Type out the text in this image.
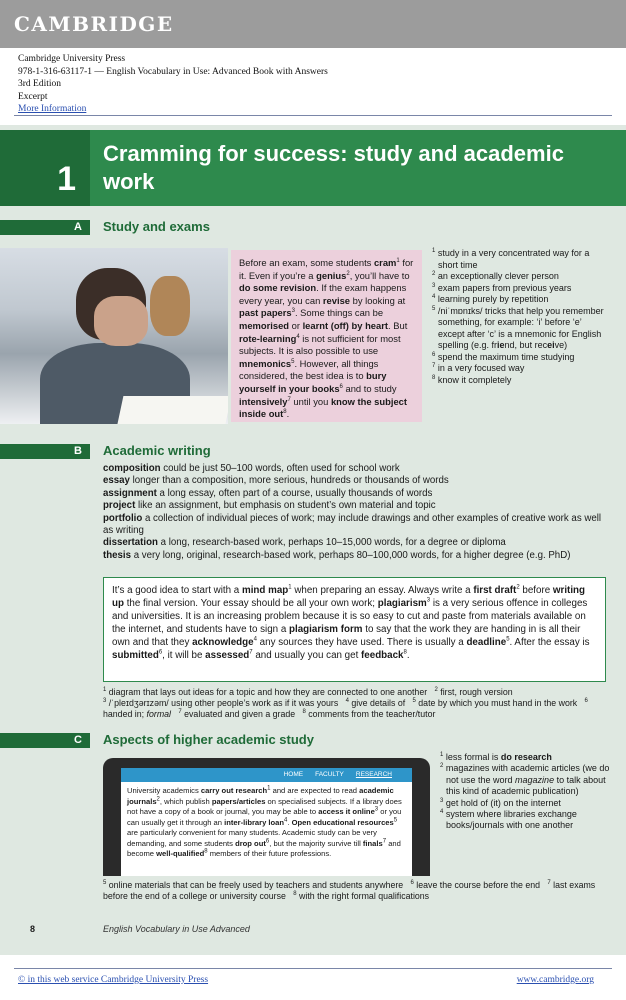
CAMBRIDGE
Cambridge University Press
978-1-316-63117-1 — English Vocabulary in Use: Advanced Book with Answers
3rd Edition
Excerpt
More Information
1
Cramming for success: study and academic work
A	Study and exams
Before an exam, some students cram$^1$ for it. Even if you’re a genius$^2$, you’ll have to do some revision. If the exam happens every year, you can revise by looking at past papers$^3$. Some things can be memorised or learnt (off) by heart. But rote-learning$^4$ is not sufficient for most subjects. It is also possible to use mnemonics$^5$. However, all things considered, the best idea is to bury yourself in your books$^6$ and to study intensively$^7$ until you know the subject inside out$^8$.
$^1$ study in a very concentrated way for a short time
$^2$ an exceptionally clever person
$^3$ exam papers from previous years
$^4$ learning purely by repetition
$^5$ /niˈmɒnɪks/ tricks that help you remember something, for example: ‘i’ before ‘e’ except after ‘c’ is a mnemonic for English spelling (e.g. friend, but receive)
$^6$ spend the maximum time studying
$^7$ in a very focused way
$^8$ know it completely
B	Academic writing
composition could be just 50–100 words, often used for school work
essay longer than a composition, more serious, hundreds or thousands of words
assignment a long essay, often part of a course, usually thousands of words
project like an assignment, but emphasis on student’s own material and topic
portfolio a collection of individual pieces of work; may include drawings and other examples of creative work as well as writing
dissertation a long, research-based work, perhaps 10–15,000 words, for a degree or diploma
thesis a very long, original, research-based work, perhaps 80–100,000 words, for a higher degree (e.g. PhD)
It’s a good idea to start with a mind map$^1$ when preparing an essay. Always write a first draft$^2$ before writing up the final version. Your essay should be all your own work; plagiarism$^3$ is a very serious offence in colleges and universities. It is an increasing problem because it is so easy to cut and paste from materials available on the internet, and students have to sign a plagiarism form to say that the work they are handing in is all their own and that they acknowledge$^4$ any sources they have used. There is usually a deadline$^5$. After the essay is submitted$^6$, it will be assessed$^7$ and usually you can get feedback$^8$.
$^1$ diagram that lays out ideas for a topic and how they are connected to one another   $^2$ first, rough version
$^3$ /ˈpleɪdʒərɪzəm/ using other people’s work as if it was yours   $^4$ give details of   $^5$ date by which you must hand in the work   $^6$ handed in; formal $^7$ evaluated and given a grade   $^8$ comments from the teacher/tutor
C	Aspects of higher academic study
HOME FACULTY RESEARCH
University academics carry out research$^1$ and are expected to read academic journals$^2$, which publish papers/articles on specialised subjects. If a library does not have a copy of a book or journal, you may be able to access it online$^3$ or you can usually get it through an inter-library loan$^4$. Open educational resources$^5$ are particularly convenient for many students. Academic study can be very demanding, and some students drop out$^6$, but the majority survive till finals$^7$ and become well-qualified$^8$ members of their future professions.
$^1$ less formal is do research
$^2$ magazines with academic articles (we do not use the word magazine to talk about this kind of academic publication)
$^3$ get hold of (it) on the internet
$^4$ system where libraries exchange books/journals with one another
$^5$ online materials that can be freely used by teachers and students anywhere   $^6$ leave the course before the end   $^7$ last exams before the end of a college or university course   $^8$ with the right formal qualifications
8	English Vocabulary in Use Advanced
© in this web service Cambridge University Press	www.cambridge.org
